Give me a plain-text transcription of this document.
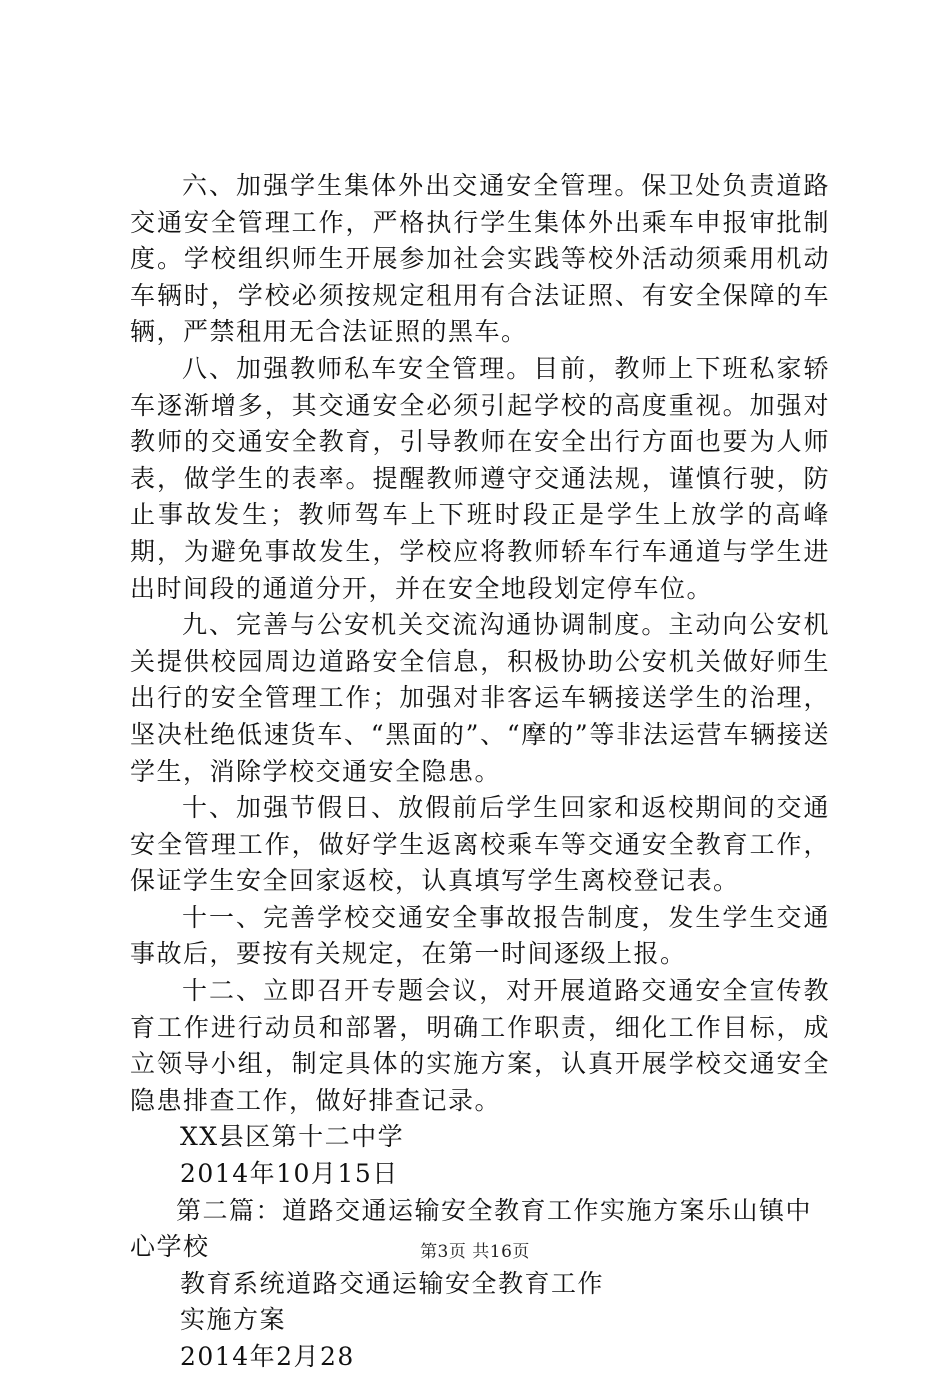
六、加强学生集体外出交通安全管理。保卫处负责道路交通安全管理工作，严格执行学生集体外出乘车申报审批制度。学校组织师生开展参加社会实践等校外活动须乘用机动车辆时，学校必须按规定租用有合法证照、有安全保障的车辆，严禁租用无合法证照的黑车。

八、加强教师私车安全管理。目前，教师上下班私家轿车逐渐增多，其交通安全必须引起学校的高度重视。加强对教师的交通安全教育，引导教师在安全出行方面也要为人师表，做学生的表率。提醒教师遵守交通法规，谨慎行驶，防止事故发生；教师驾车上下班时段正是学生上放学的高峰期，为避免事故发生，学校应将教师轿车行车通道与学生进出时间段的通道分开，并在安全地段划定停车位。

九、完善与公安机关交流沟通协调制度。主动向公安机关提供校园周边道路安全信息，积极协助公安机关做好师生出行的安全管理工作；加强对非客运车辆接送学生的治理，坚决杜绝低速货车、“黑面的”、“摩的”等非法运营车辆接送学生，消除学校交通安全隐患。

十、加强节假日、放假前后学生回家和返校期间的交通安全管理工作，做好学生返离校乘车等交通安全教育工作，保证学生安全回家返校，认真填写学生离校登记表。

十一、完善学校交通安全事故报告制度，发生学生交通事故后，要按有关规定，在第一时间逐级上报。

十二、立即召开专题会议，对开展道路交通安全宣传教育工作进行动员和部署，明确工作职责，细化工作目标，成立领导小组，制定具体的实施方案，认真开展学校交通安全隐患排查工作，做好排查记录。

XX县区第十二中学

2014年10月15日

第二篇：道路交通运输安全教育工作实施方案乐山镇中心学校

教育系统道路交通运输安全教育工作

实施方案

2014年2月28

第3页 共16页
